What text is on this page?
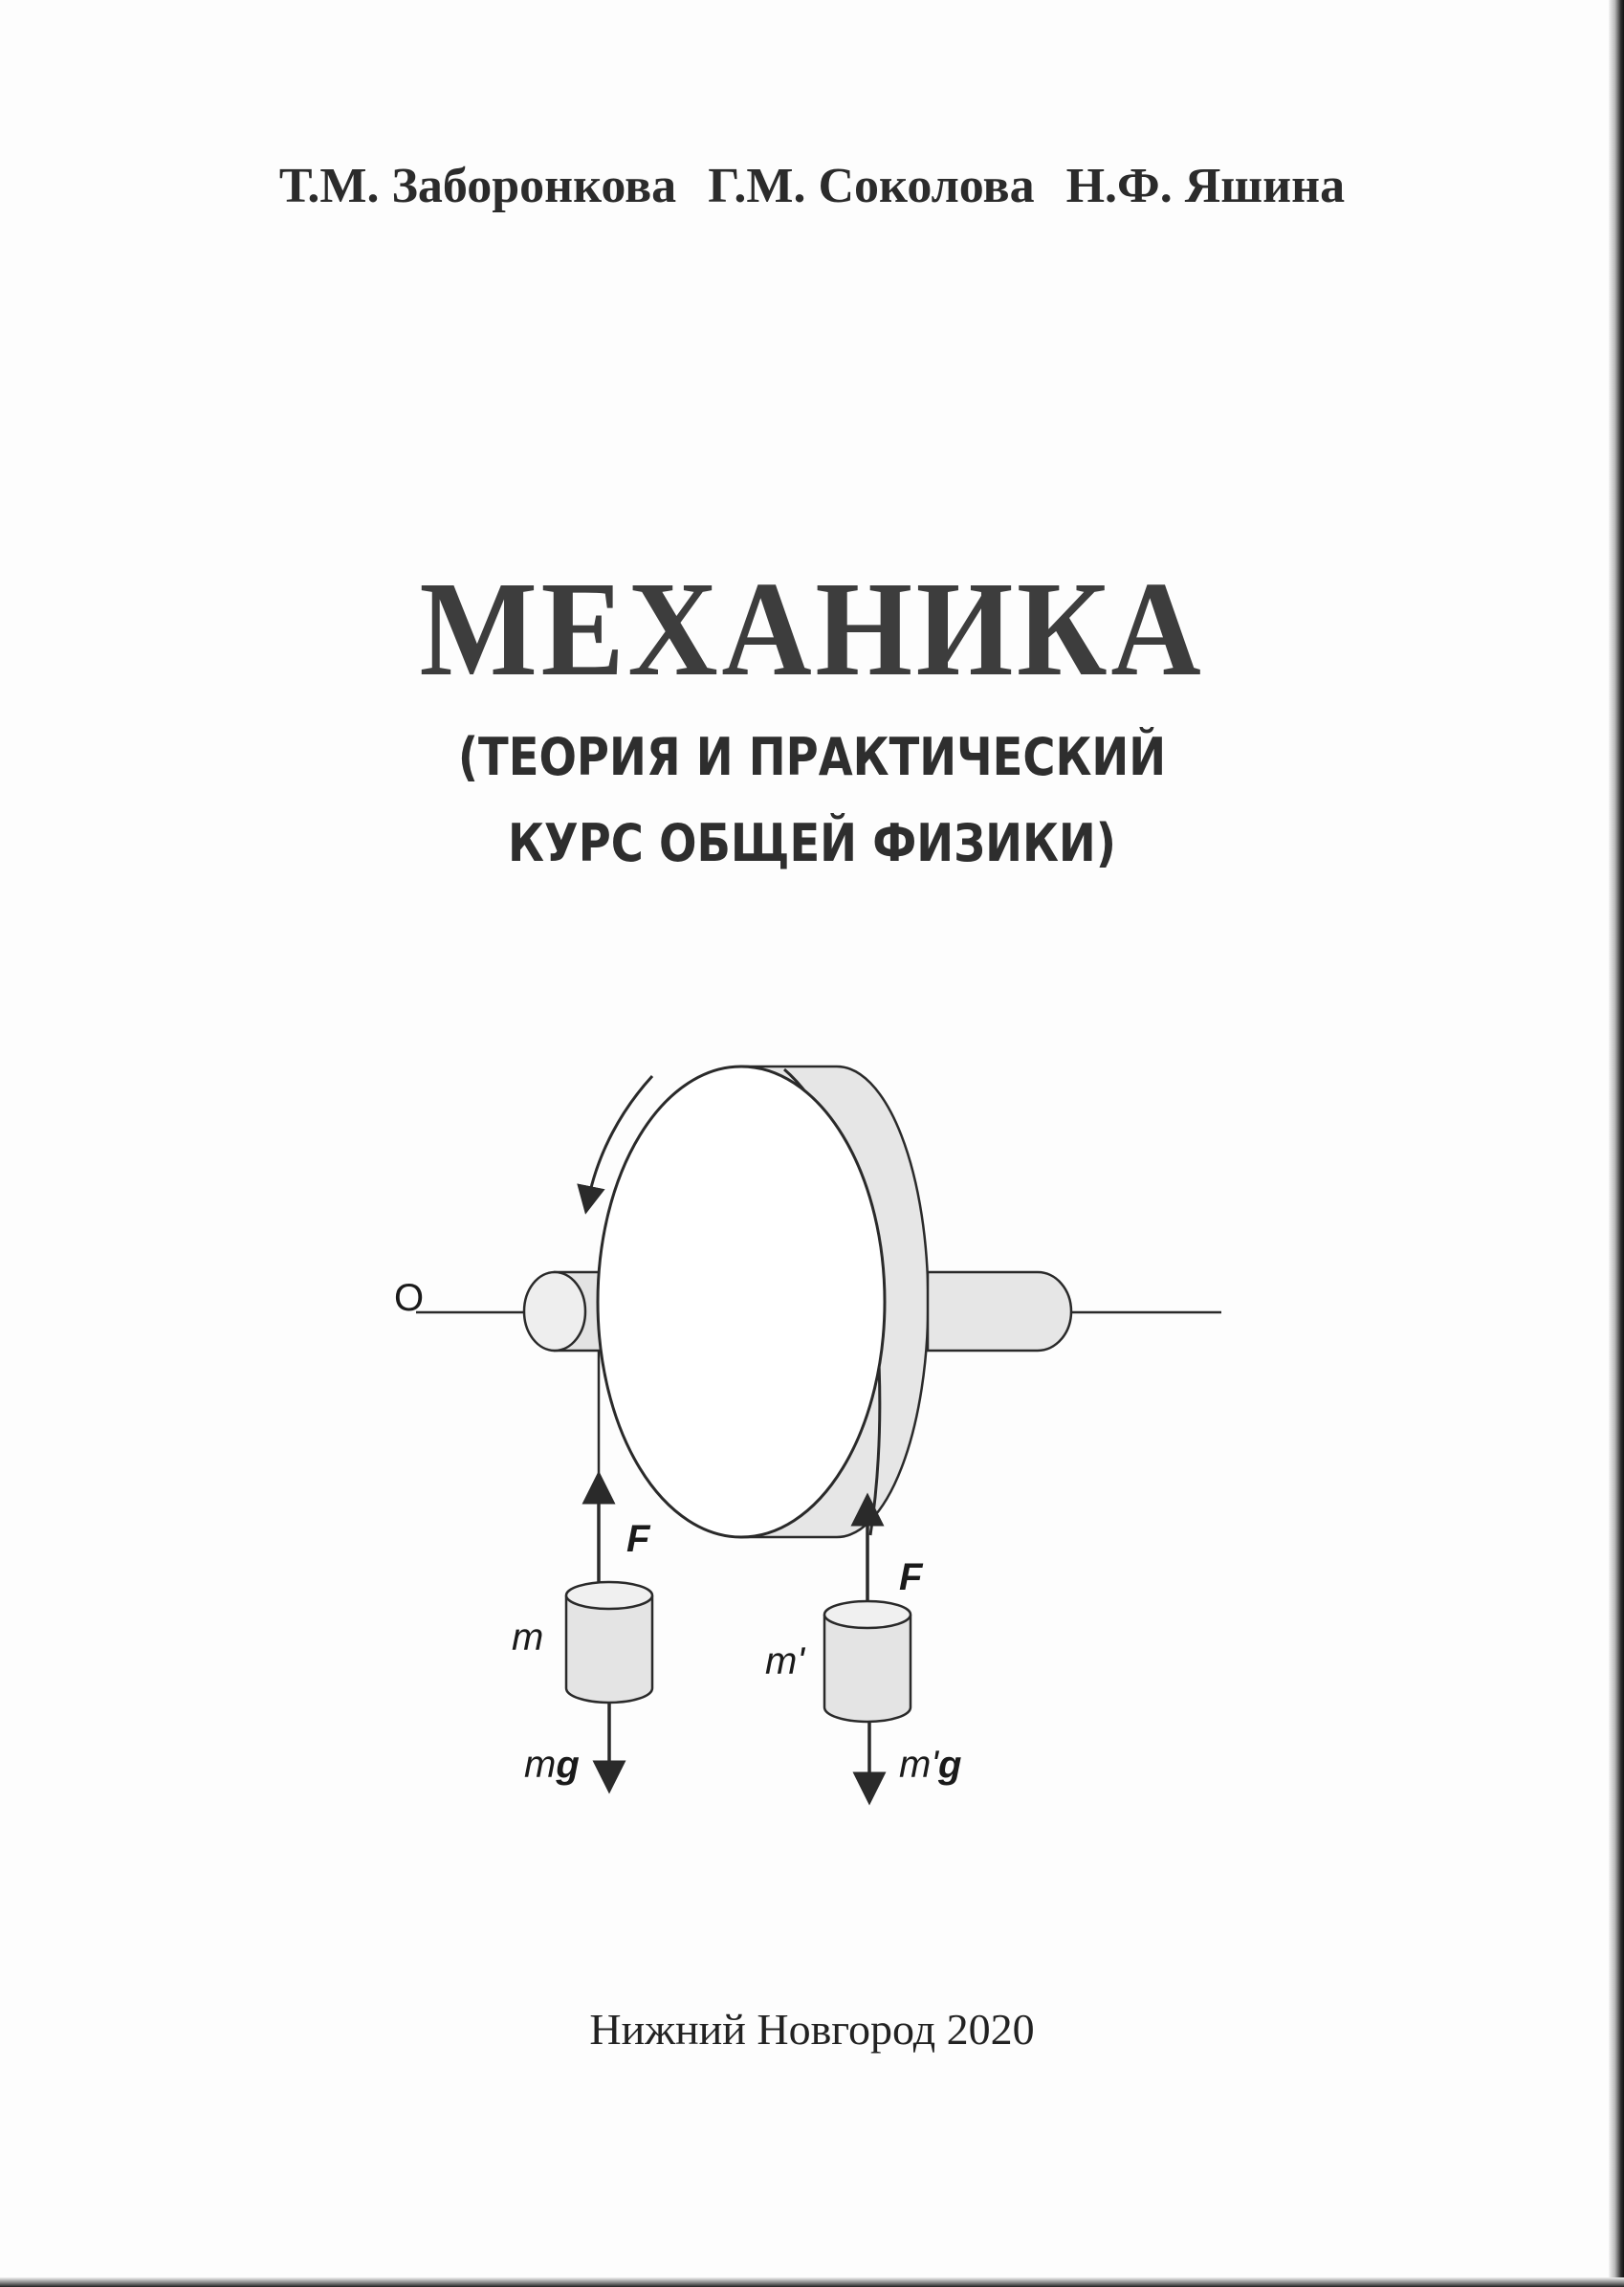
Т.М. Заборонкова Г.М. Соколова Н.Ф. Яшина
МЕХАНИКА
(ТЕОРИЯ И ПРАКТИЧЕСКИЙ
КУРС ОБЩЕЙ ФИЗИКИ)
O
F
F
m
m'
mg	m'g
Нижний Новгород 2020
